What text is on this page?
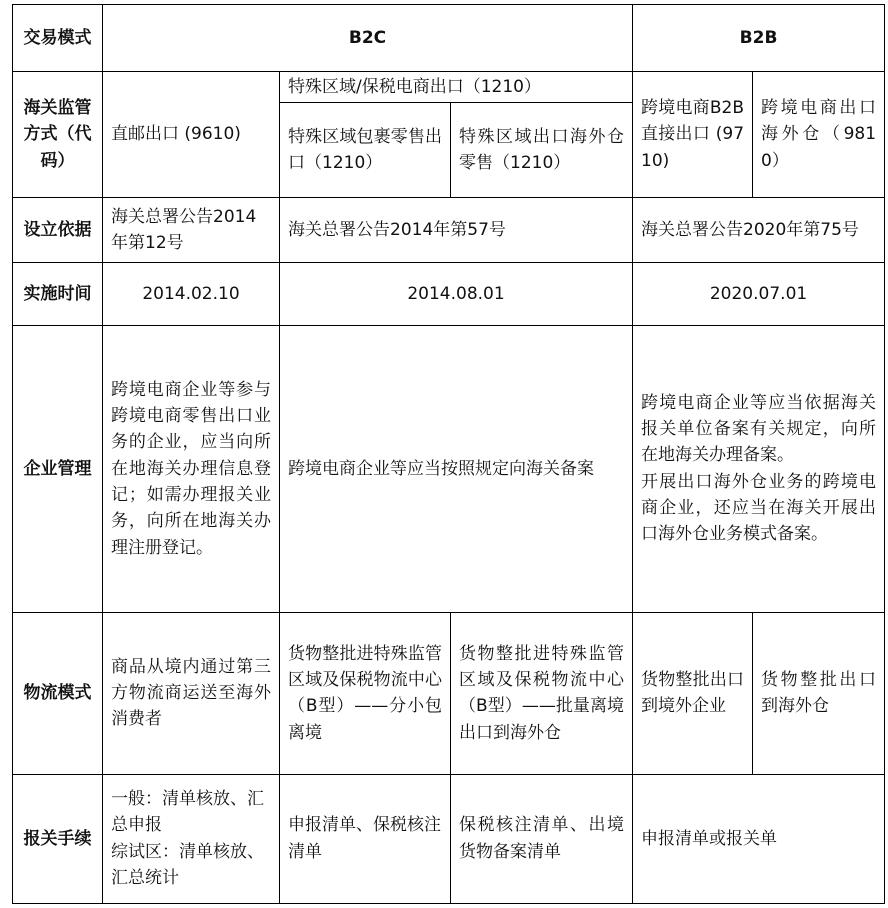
交易模式	B2C			B2B	
海关监管方式（代码）	直邮出口 (9610)	特殊区域/保税电商出口（1210）		跨境电商B2B直接出口 (9710)	跨境电商出口海外仓（9810）
		特殊区域包裹零售出口（1210）	特殊区域出口海外仓零售（1210）		
设立依据	海关总署公告2014年第12号	海关总署公告2014年第57号		海关总署公告2020年第75号	
实施时间	2014.02.10	2014.08.01		2020.07.01	
企业管理	跨境电商企业等参与跨境电商零售出口业务的企业，应当向所在地海关办理信息登记；如需办理报关业务，向所在地海关办理注册登记。	跨境电商企业等应当按照规定向海关备案		跨境电商企业等应当依据海关报关单位备案有关规定，向所在地海关办理备案。
开展出口海外仓业务的跨境电商企业，还应当在海关开展出口海外仓业务模式备案。	
物流模式	商品从境内通过第三方物流商运送至海外消费者	货物整批进特殊监管区域及保税物流中心（B型）——分小包离境	货物整批进特殊监管区域及保税物流中心（B型）——批量离境出口到海外仓	货物整批出口到境外企业	货物整批出口到海外仓
报关手续	一般：清单核放、汇总申报
综试区：清单核放、汇总统计	申报清单、保税核注清单	保税核注清单、出境货物备案清单	申报清单或报关单	
